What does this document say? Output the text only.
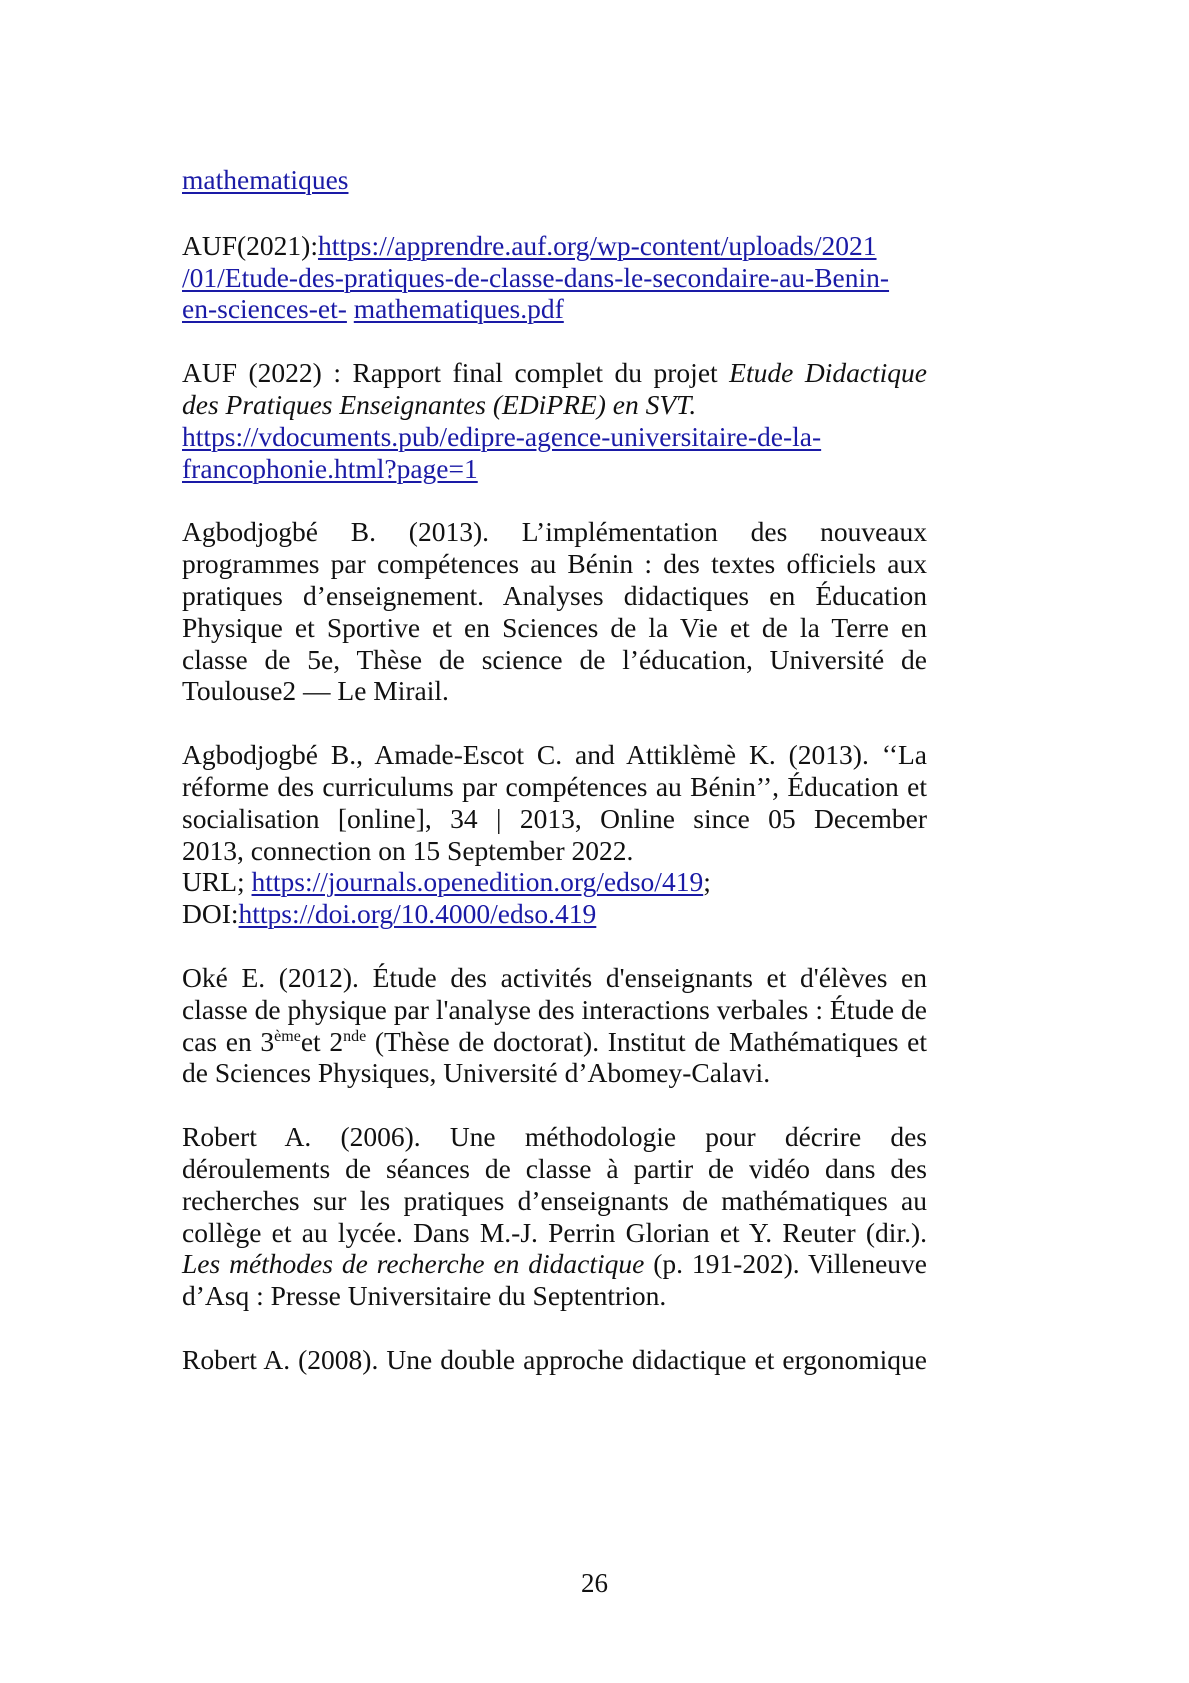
mathematiques

AUF(2021):https://apprendre.auf.org/wp-content/uploads/2021
/01/Etude-des-pratiques-de-classe-dans-le-secondaire-au-Benin-
en-sciences-et- mathematiques.pdf

AUF (2022) : Rapport final complet du projet Etude Didactique des Pratiques Enseignantes (EDiPRE) en SVT.
https://vdocuments.pub/edipre-agence-universitaire-de-la-
francophonie.html?page=1

Agbodjogbé B. (2013). L’implémentation des nouveaux
programmes par compétences au Bénin : des textes officiels aux
pratiques d’enseignement. Analyses didactiques en Éducation
Physique et Sportive et en Sciences de la Vie et de la Terre en
classe de 5e, Thèse de science de l’éducation, Université de
Toulouse2 — Le Mirail.

Agbodjogbé B., Amade-Escot C. and Attiklèmè K. (2013). ‘‘La
réforme des curriculums par compétences au Bénin’’, Éducation et
socialisation [online], 34 | 2013, Online since 05 December
2013, connection on 15 September 2022.
URL; https://journals.openedition.org/edso/419;
DOI:https://doi.org/10.4000/edso.419

Oké E. (2012). Étude des activités d'enseignants et d'élèves en
classe de physique par l'analyse des interactions verbales : Étude de
cas en 3èmeet 2nde (Thèse de doctorat). Institut de Mathématiques et
de Sciences Physiques, Université d’Abomey-Calavi.

Robert A. (2006). Une méthodologie pour décrire des
déroulements de séances de classe à partir de vidéo dans des
recherches sur les pratiques d’enseignants de mathématiques au
collège et au lycée. Dans M.-J. Perrin Glorian et Y. Reuter (dir.).
Les méthodes de recherche en didactique (p. 191-202). Villeneuve
d’Asq : Presse Universitaire du Septentrion.

Robert A. (2008). Une double approche didactique et ergonomique

26
